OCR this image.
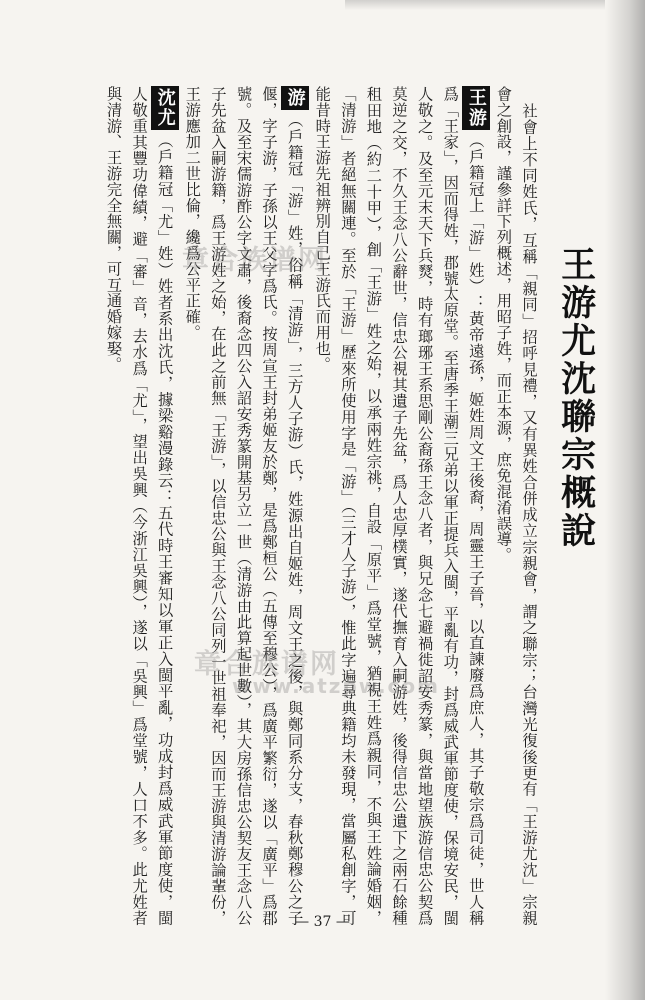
王游尤沈聯宗概說

社會上不同姓氏，互稱「親同」招呼見禮，又有異姓合併成立宗親會，謂之聯宗；台灣光復後更有「王游尤沈」宗親會之創設，謹參詳下列概述，用昭子姓，而正本源，庶免混淆誤導。

王游（戶籍冠上「游」姓）：黃帝遠孫，姬姓周文王後裔，周靈王子晉，以直諫廢爲庶人，其子敬宗爲司徒，世人稱爲「王家」，因而得姓，郡號太原堂。至唐季王潮三兄弟以軍正提兵入閩，平亂有功，封爲威武軍節度使，保境安民，閩人敬之。及至元末天下兵燹，時有瑯琊王系思剛公裔孫王念八者，與兄念七避禍徙詔安秀篆，與當地望族游信忠公契爲莫逆之交，不久王念八公辭世，信忠公視其遺子先盆，爲人忠厚樸實，遂代撫育入嗣游姓，後得信忠公遺下之兩石餘種租田地（約二十甲），創「王游」姓之始，以承兩姓宗祧，自設「原平」爲堂號，猶視王姓爲親同，不與王姓論婚姻，「清游」者絕無關連。至於「王游」歷來所使用字是「游」（三才人子游），惟此字遍尋典籍均未發現，當屬私創字，可能昔時王游先祖辨別自己王游氏而用也。

游（戶籍冠「游」姓，俗稱「清游」，三方人子游）氏，姓源出自姬姓，周文王之後，與鄭同系分支，春秋鄭穆公之子偃，字子游，子孫以王父字爲氏。按周宣王封弟姬友於鄭，是爲鄭桓公（五傳至穆公），爲廣平繁衍，遂以「廣平」爲郡號。及至宋儒游酢公字文肅，後裔念四公入詔安秀篆開基另立一世（清游由此算起世數），其大房孫信忠公契友王念八公子先盆入嗣游籍，爲王游姓之始，在此之前無「王游」，以信忠公與王念八公同列一世祖奉祀，因而王游與清游論輩份，王游應加二世比倫，纔爲公平正確。

沈尤（戶籍冠「尤」姓）姓者系出沈氏，據梁谿漫錄云：五代時王審知以軍正入閩平亂，功成封爲威武軍節度使，閩人敬重其豐功偉績，避「審」音，去水爲「尤」，望出吳興（今浙江吳興），遂以「吳興」爲堂號，人口不多。此尤姓者與清游、王游完全無關，可互通婚嫁娶。	章合族谱网
章合族谱网
www.atzpw.com
— 37 —
